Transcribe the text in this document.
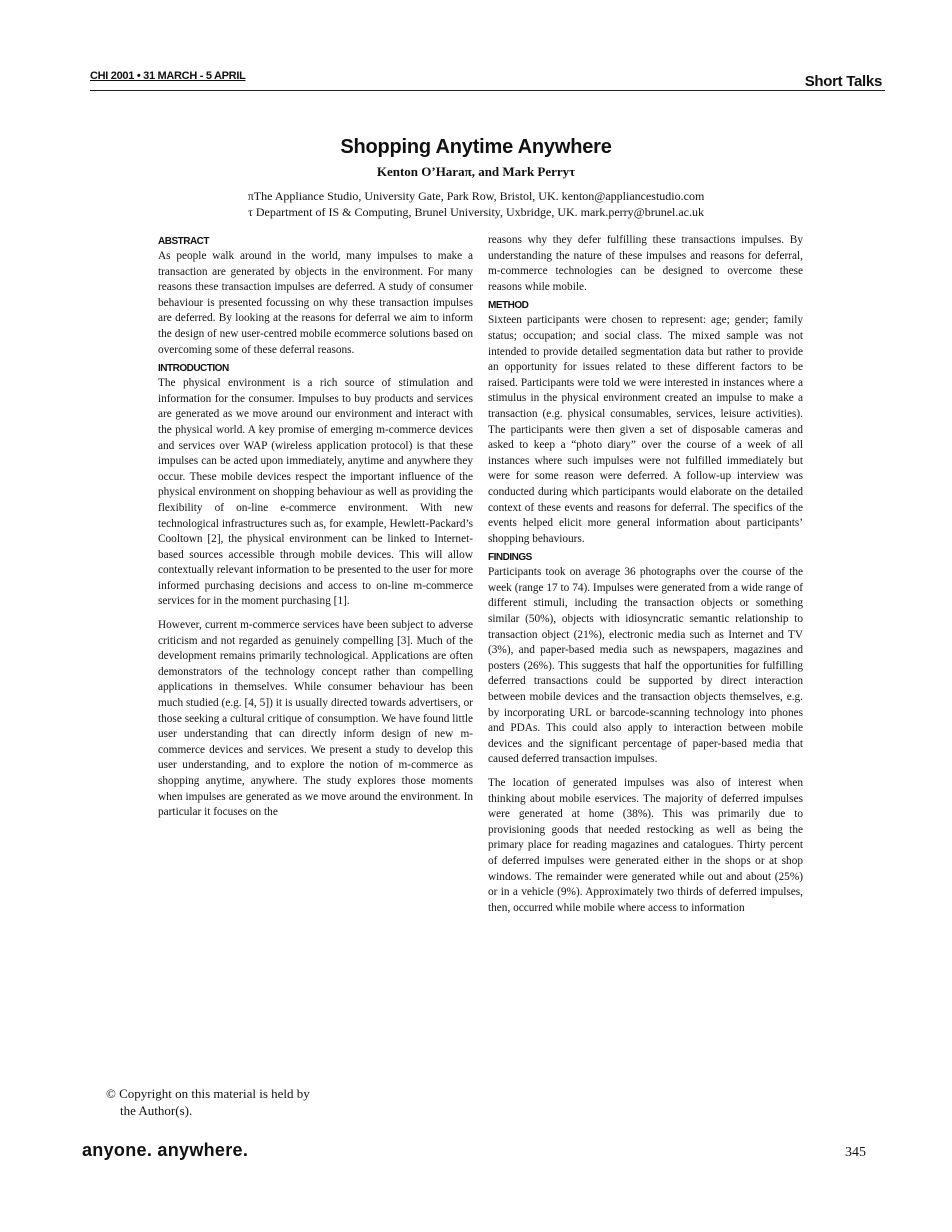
CHI 2001 • 31 MARCH - 5 APRIL	Short Talks
Shopping Anytime Anywhere
Kenton O’Haraπ, and Mark Perryτ
πThe Appliance Studio, University Gate, Park Row, Bristol, UK. kenton@appliancestudio.com
τ Department of IS & Computing, Brunel University, Uxbridge, UK. mark.perry@brunel.ac.uk
ABSTRACT

As people walk around in the world, many impulses to make a transaction are generated by objects in the environment. For many reasons these transaction impulses are deferred. A study of consumer behaviour is presented focussing on why these transaction impulses are deferred. By looking at the reasons for deferral we aim to inform the design of new user-centred mobile ecommerce solutions based on overcoming some of these deferral reasons.

INTRODUCTION

The physical environment is a rich source of stimulation and information for the consumer. Impulses to buy products and services are generated as we move around our environment and interact with the physical world. A key promise of emerging m-commerce devices and services over WAP (wireless application protocol) is that these impulses can be acted upon immediately, anytime and anywhere they occur. These mobile devices respect the important influence of the physical environment on shopping behaviour as well as providing the flexibility of on-line e-commerce environment. With new technological infrastructures such as, for example, Hewlett-Packard’s Cooltown [2], the physical environment can be linked to Internet-based sources accessible through mobile devices. This will allow contextually relevant information to be presented to the user for more informed purchasing decisions and access to on-line m-commerce services for in the moment purchasing [1].

However, current m-commerce services have been subject to adverse criticism and not regarded as genuinely compelling [3]. Much of the development remains primarily technological. Applications are often demonstrators of the technology concept rather than compelling applications in themselves. While consumer behaviour has been much studied (e.g. [4, 5]) it is usually directed towards advertisers, or those seeking a cultural critique of consumption. We have found little user understanding that can directly inform design of new m-commerce devices and services. We present a study to develop this user understanding, and to explore the notion of m-commerce as shopping anytime, anywhere. The study explores those moments when impulses are generated as we move around the environment. In particular it focuses on the

reasons why they defer fulfilling these transactions impulses. By understanding the nature of these impulses and reasons for deferral, m-commerce technologies can be designed to overcome these reasons while mobile.

METHOD

Sixteen participants were chosen to represent: age; gender; family status; occupation; and social class. The mixed sample was not intended to provide detailed segmentation data but rather to provide an opportunity for issues related to these different factors to be raised. Participants were told we were interested in instances where a stimulus in the physical environment created an impulse to make a transaction (e.g. physical consumables, services, leisure activities). The participants were then given a set of disposable cameras and asked to keep a “photo diary” over the course of a week of all instances where such impulses were not fulfilled immediately but were for some reason were deferred. A follow-up interview was conducted during which participants would elaborate on the detailed context of these events and reasons for deferral. The specifics of the events helped elicit more general information about participants’ shopping behaviours.

FINDINGS

Participants took on average 36 photographs over the course of the week (range 17 to 74). Impulses were generated from a wide range of different stimuli, including the transaction objects or something similar (50%), objects with idiosyncratic semantic relationship to transaction object (21%), electronic media such as Internet and TV (3%), and paper-based media such as newspapers, magazines and posters (26%). This suggests that half the opportunities for fulfilling deferred transactions could be supported by direct interaction between mobile devices and the transaction objects themselves, e.g. by incorporating URL or barcode-scanning technology into phones and PDAs. This could also apply to interaction between mobile devices and the significant percentage of paper-based media that caused deferred transaction impulses.

The location of generated impulses was also of interest when thinking about mobile eservices. The majority of deferred impulses were generated at home (38%). This was primarily due to provisioning goods that needed restocking as well as being the primary place for reading magazines and catalogues. Thirty percent of deferred impulses were generated either in the shops or at shop windows. The remainder were generated while out and about (25%) or in a vehicle (9%). Approximately two thirds of deferred impulses, then, occurred while mobile where access to information

© Copyright on this material is held by
the Author(s).
anyone. anywhere.	345
